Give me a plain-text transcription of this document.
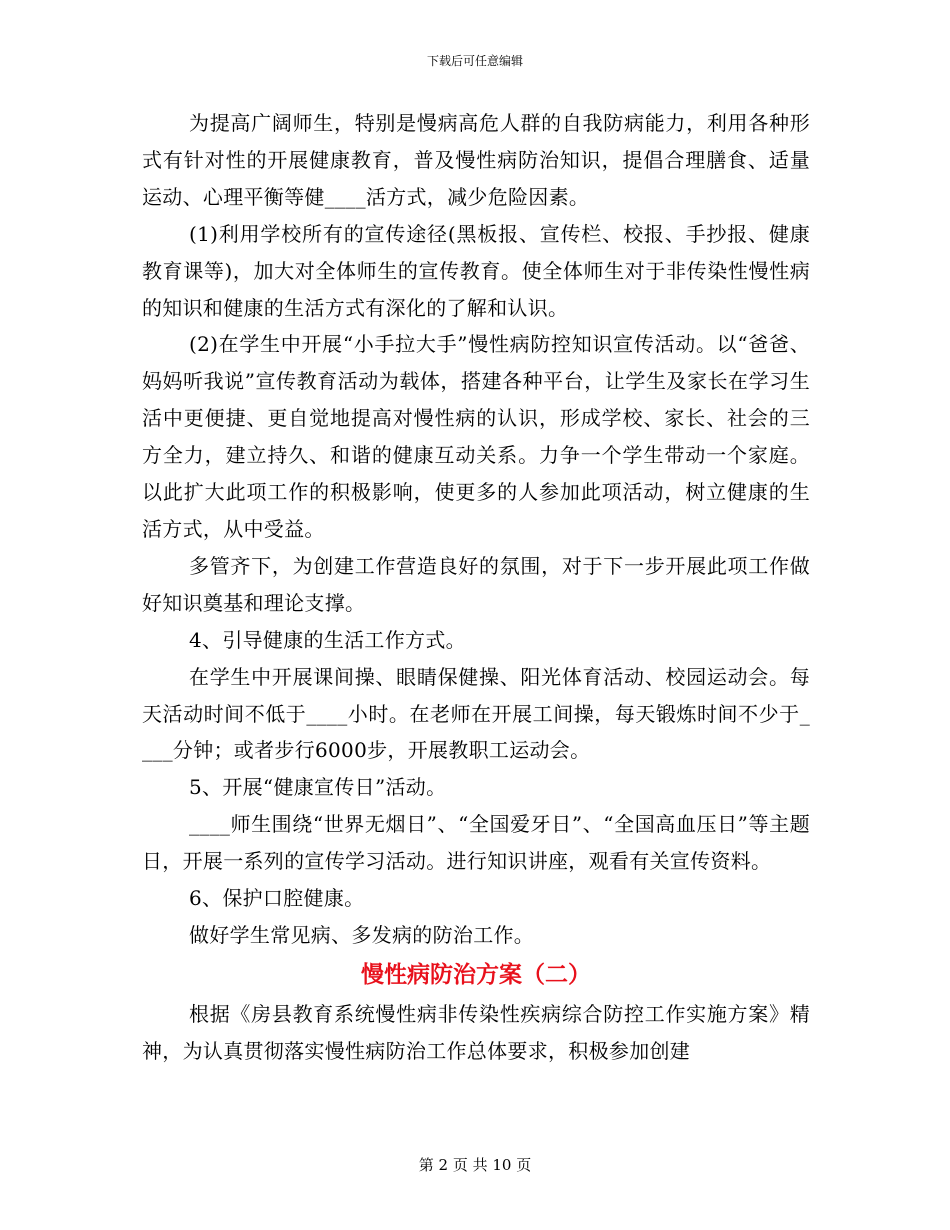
下载后可任意编辑

为提高广阔师生，特别是慢病高危人群的自我防病能力，利用各种形式有针对性的开展健康教育，普及慢性病防治知识，提倡合理膳食、适量运动、心理平衡等健____活方式，减少危险因素。

(1)利用学校所有的宣传途径(黑板报、宣传栏、校报、手抄报、健康教育课等)，加大对全体师生的宣传教育。使全体师生对于非传染性慢性病的知识和健康的生活方式有深化的了解和认识。

(2)在学生中开展“小手拉大手”慢性病防控知识宣传活动。以“爸爸、妈妈听我说”宣传教育活动为载体，搭建各种平台，让学生及家长在学习生活中更便捷、更自觉地提高对慢性病的认识，形成学校、家长、社会的三方全力，建立持久、和谐的健康互动关系。力争一个学生带动一个家庭。以此扩大此项工作的积极影响，使更多的人参加此项活动，树立健康的生活方式，从中受益。

多管齐下，为创建工作营造良好的氛围，对于下一步开展此项工作做好知识奠基和理论支撑。

4、引导健康的生活工作方式。

在学生中开展课间操、眼睛保健操、阳光体育活动、校园运动会。每天活动时间不低于____小时。在老师在开展工间操，每天锻炼时间不少于____分钟；或者步行6000步，开展教职工运动会。

5、开展“健康宣传日”活动。

____师生围绕“世界无烟日”、“全国爱牙日”、“全国高血压日”等主题日，开展一系列的宣传学习活动。进行知识讲座，观看有关宣传资料。

6、保护口腔健康。

做好学生常见病、多发病的防治工作。

慢性病防治方案（二）

根据《房县教育系统慢性病非传染性疾病综合防控工作实施方案》精神，为认真贯彻落实慢性病防治工作总体要求，积极参加创建

第 2 页 共 10 页
